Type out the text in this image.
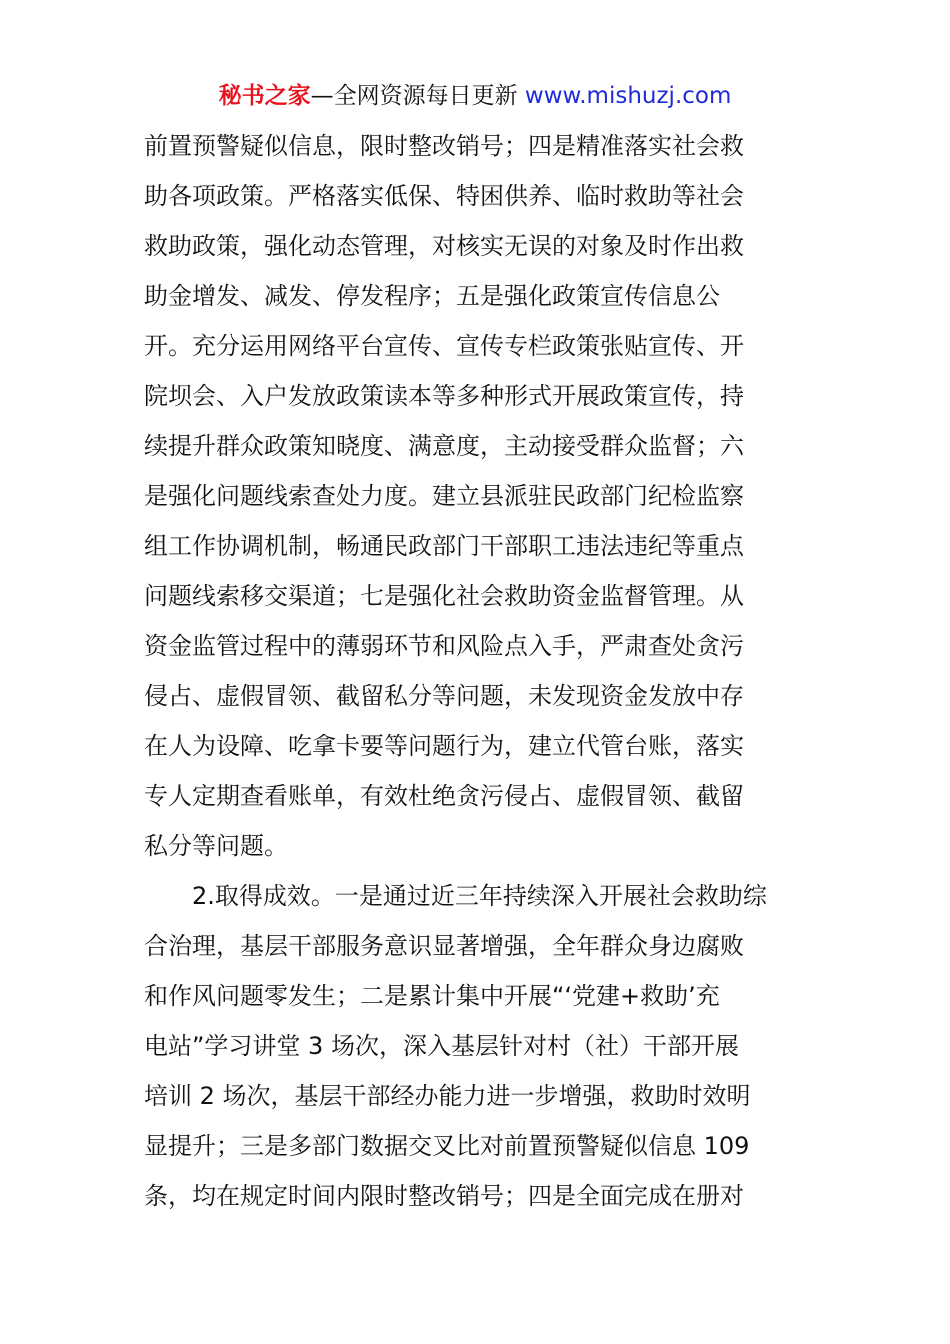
秘书之家—全网资源每日更新 www.mishuzj.com
前置预警疑似信息，限时整改销号；四是精准落实社会救
助各项政策。严格落实低保、特困供养、临时救助等社会
救助政策，强化动态管理，对核实无误的对象及时作出救
助金增发、减发、停发程序；五是强化政策宣传信息公
开。充分运用网络平台宣传、宣传专栏政策张贴宣传、开
院坝会、入户发放政策读本等多种形式开展政策宣传，持
续提升群众政策知晓度、满意度，主动接受群众监督；六
是强化问题线索查处力度。建立县派驻民政部门纪检监察
组工作协调机制，畅通民政部门干部职工违法违纪等重点
问题线索移交渠道；七是强化社会救助资金监督管理。从
资金监管过程中的薄弱环节和风险点入手，严肃查处贪污
侵占、虚假冒领、截留私分等问题，未发现资金发放中存
在人为设障、吃拿卡要等问题行为，建立代管台账，落实
专人定期查看账单，有效杜绝贪污侵占、虚假冒领、截留
私分等问题。
2.取得成效。一是通过近三年持续深入开展社会救助综
合治理，基层干部服务意识显著增强，全年群众身边腐败
和作风问题零发生；二是累计集中开展“‘党建+救助’充
电站”学习讲堂 3 场次，深入基层针对村（社）干部开展
培训 2 场次，基层干部经办能力进一步增强，救助时效明
显提升；三是多部门数据交叉比对前置预警疑似信息 109
条，均在规定时间内限时整改销号；四是全面完成在册对
